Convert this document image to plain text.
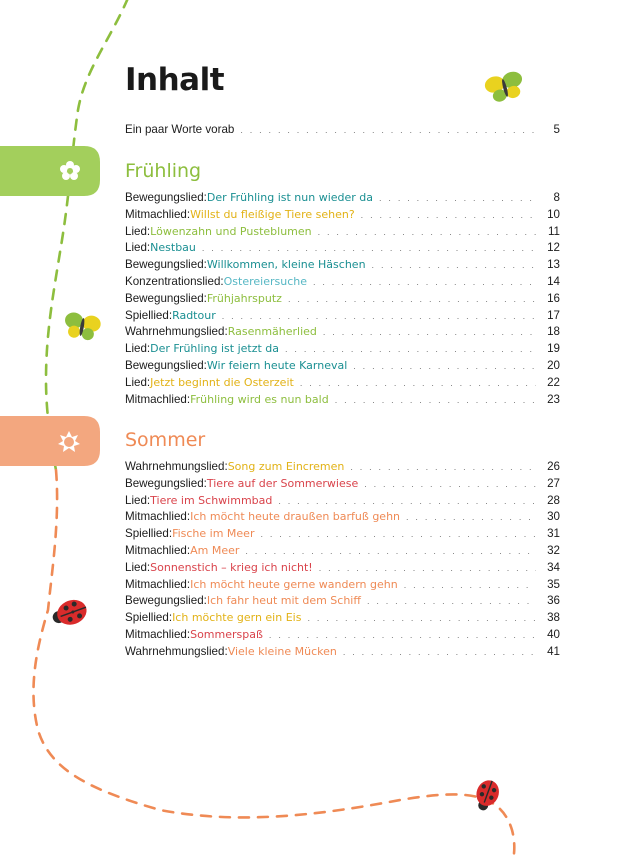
Inhalt
Ein paar Worte vorab . . .	5
Frühling
Bewegungslied : Der Frühling ist nun wieder da . . .	8
Mitmachlied : Willst du fleißige Tiere sehen? . . .	10
Lied : Löwenzahn und Pusteblumen . . .	11
Lied : Nestbau . . .	12
Bewegungslied : Willkommen, kleine Häschen . . .	13
Konzentrationslied : Ostereiersuche . . .	14
Bewegungslied : Frühjahrsputz . . .	16
Spiellied : Radtour . . .	17
Wahrnehmungslied : Rasenmäherlied . . .	18
Lied : Der Frühling ist jetzt da . . .	19
Bewegungslied : Wir feiern heute Karneval . . .	20
Lied : Jetzt beginnt die Osterzeit . . .	22
Mitmachlied : Frühling wird es nun bald . . .	23
Sommer
Wahrnehmungslied : Song zum Eincremen . . .	26
Bewegungslied : Tiere auf der Sommerwiese . . .	27
Lied : Tiere im Schwimmbad . . .	28
Mitmachlied : Ich möcht heute draußen barfuß gehn . . .	30
Spiellied : Fische im Meer . . .	31
Mitmachlied : Am Meer . . .	32
Lied : Sonnenstich – krieg ich nicht! . . .	34
Mitmachlied : Ich möcht heute gerne wandern gehn . . .	35
Bewegungslied : Ich fahr heut mit dem Schiff . . .	36
Spiellied : Ich möchte gern ein Eis . . .	38
Mitmachlied : Sommerspaß . . .	40
Wahrnehmungslied : Viele kleine Mücken . . .	41
